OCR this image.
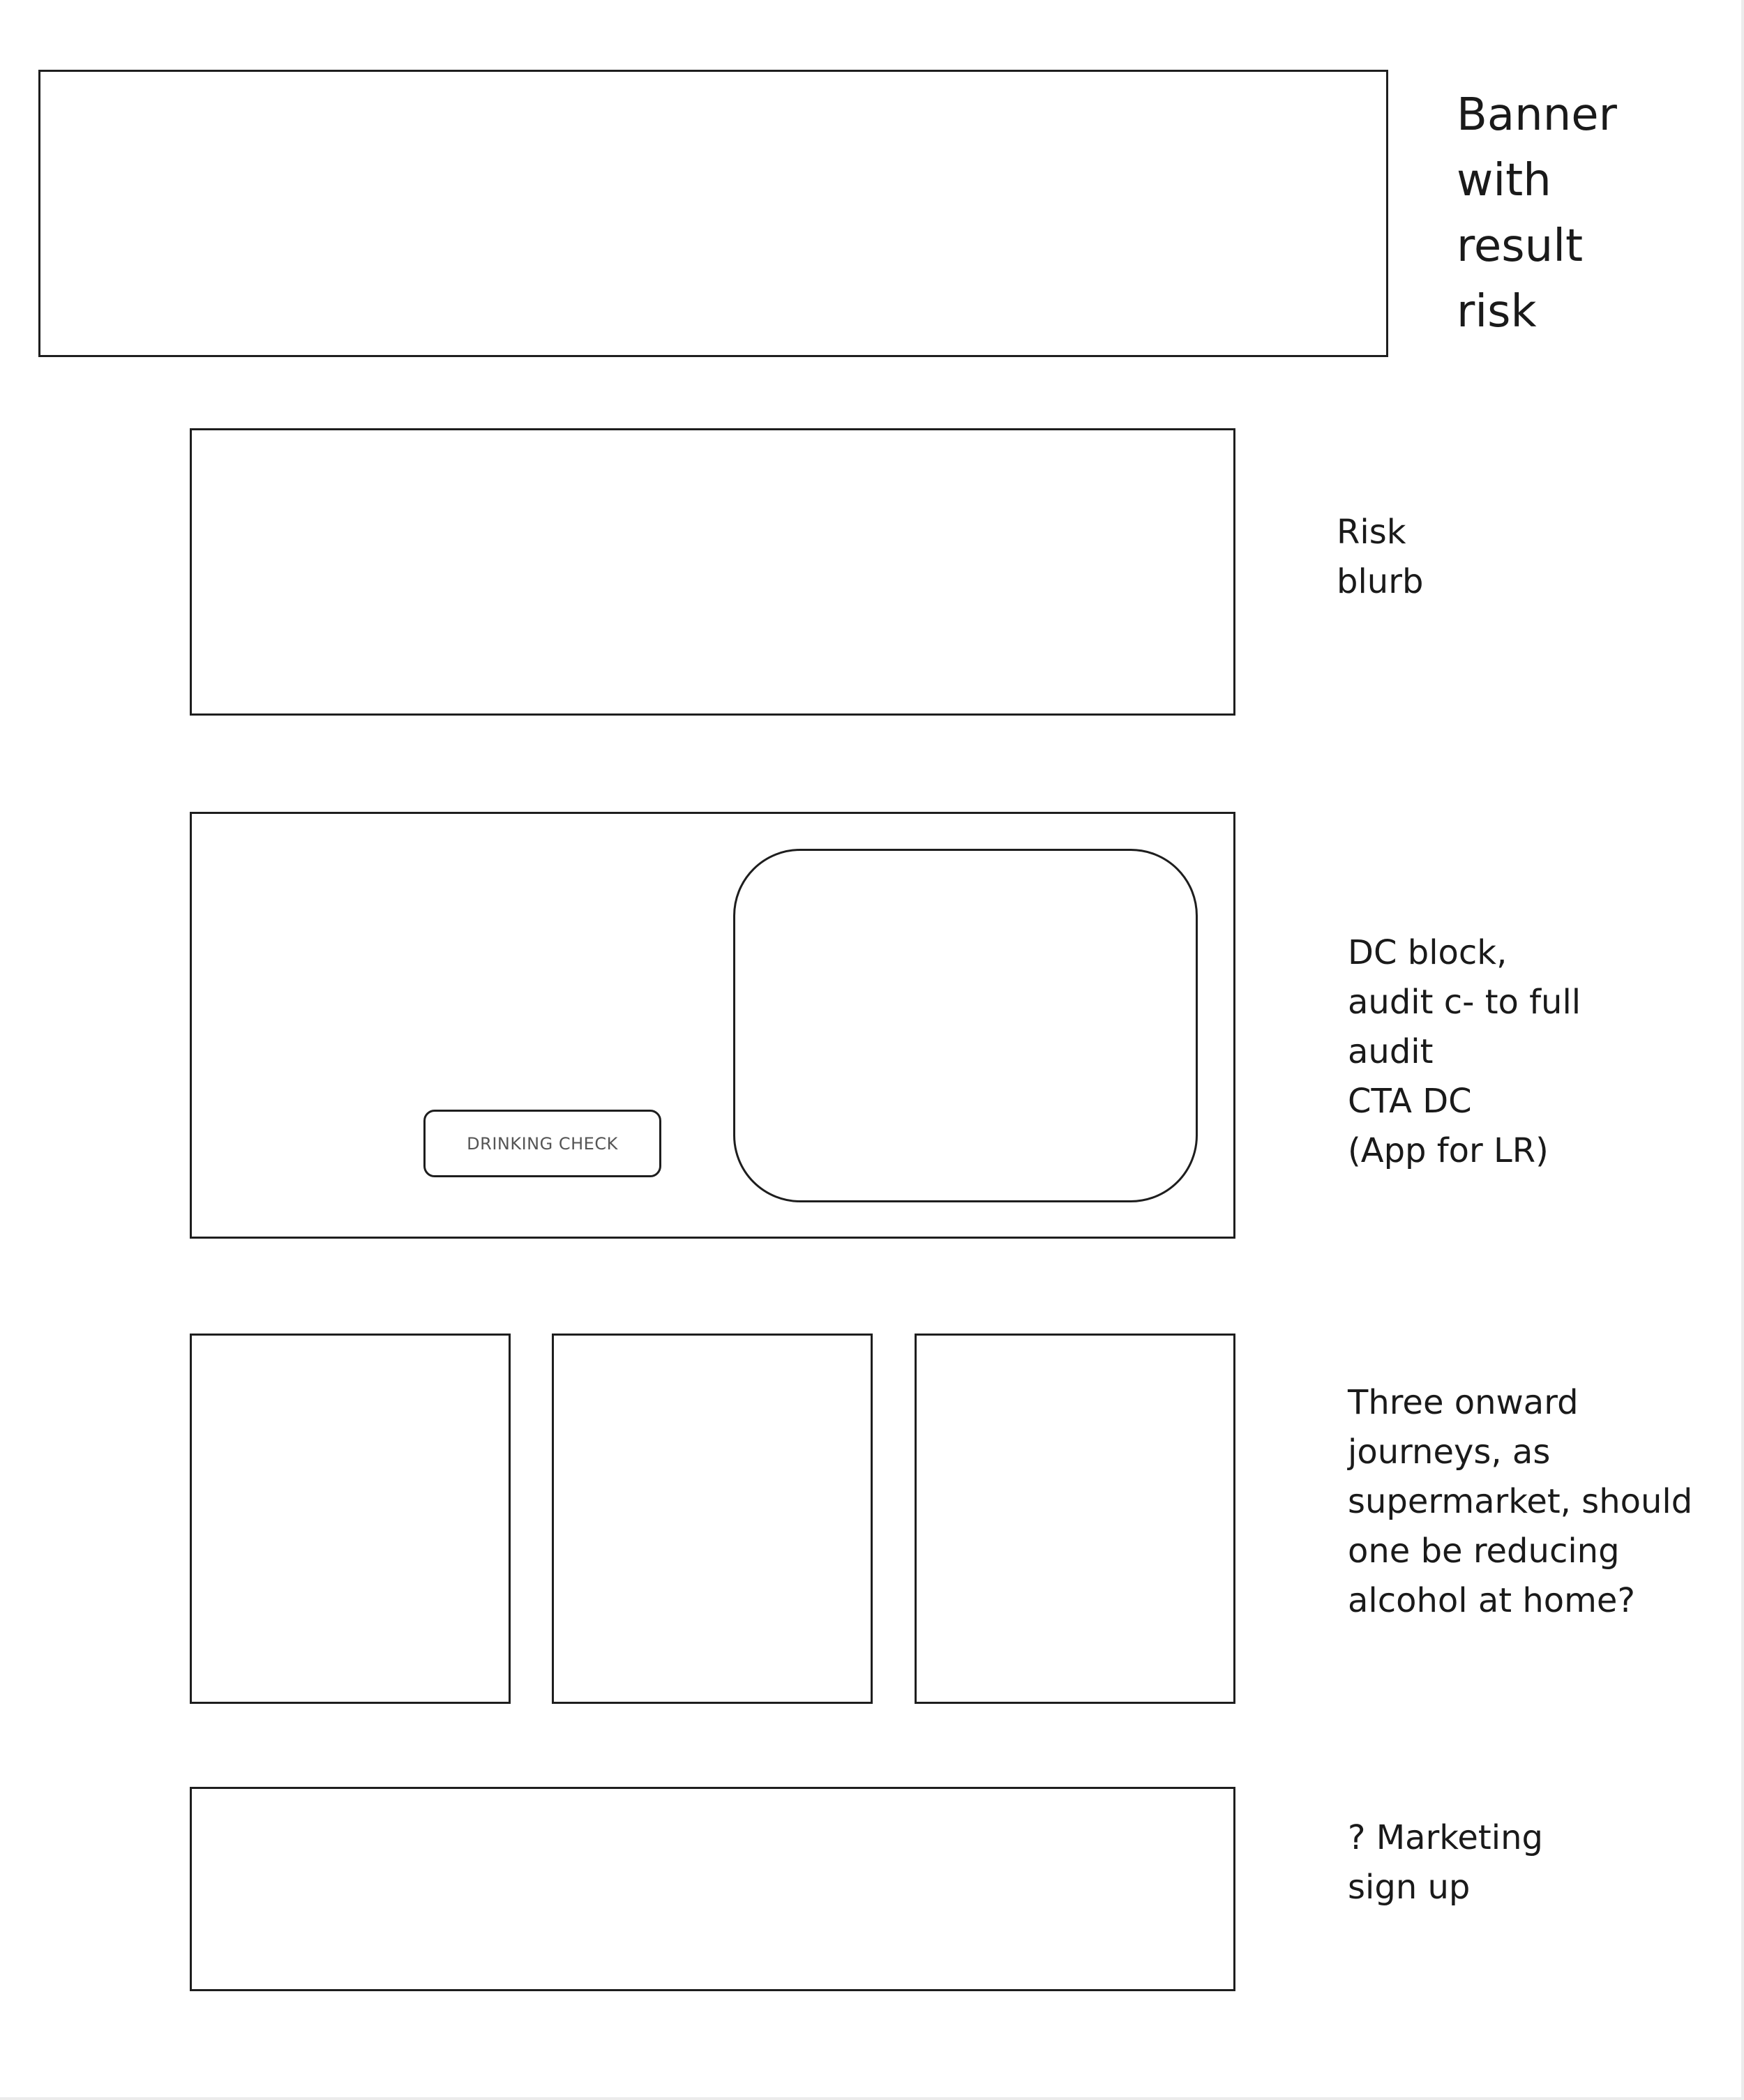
Banner
with
result
risk

Risk
blurb

DRINKING CHECK

DC block,
audit c- to full
audit
CTA DC
(App for LR)

Three onward
journeys, as
supermarket, should
one be reducing
alcohol at home?

? Marketing
sign up
